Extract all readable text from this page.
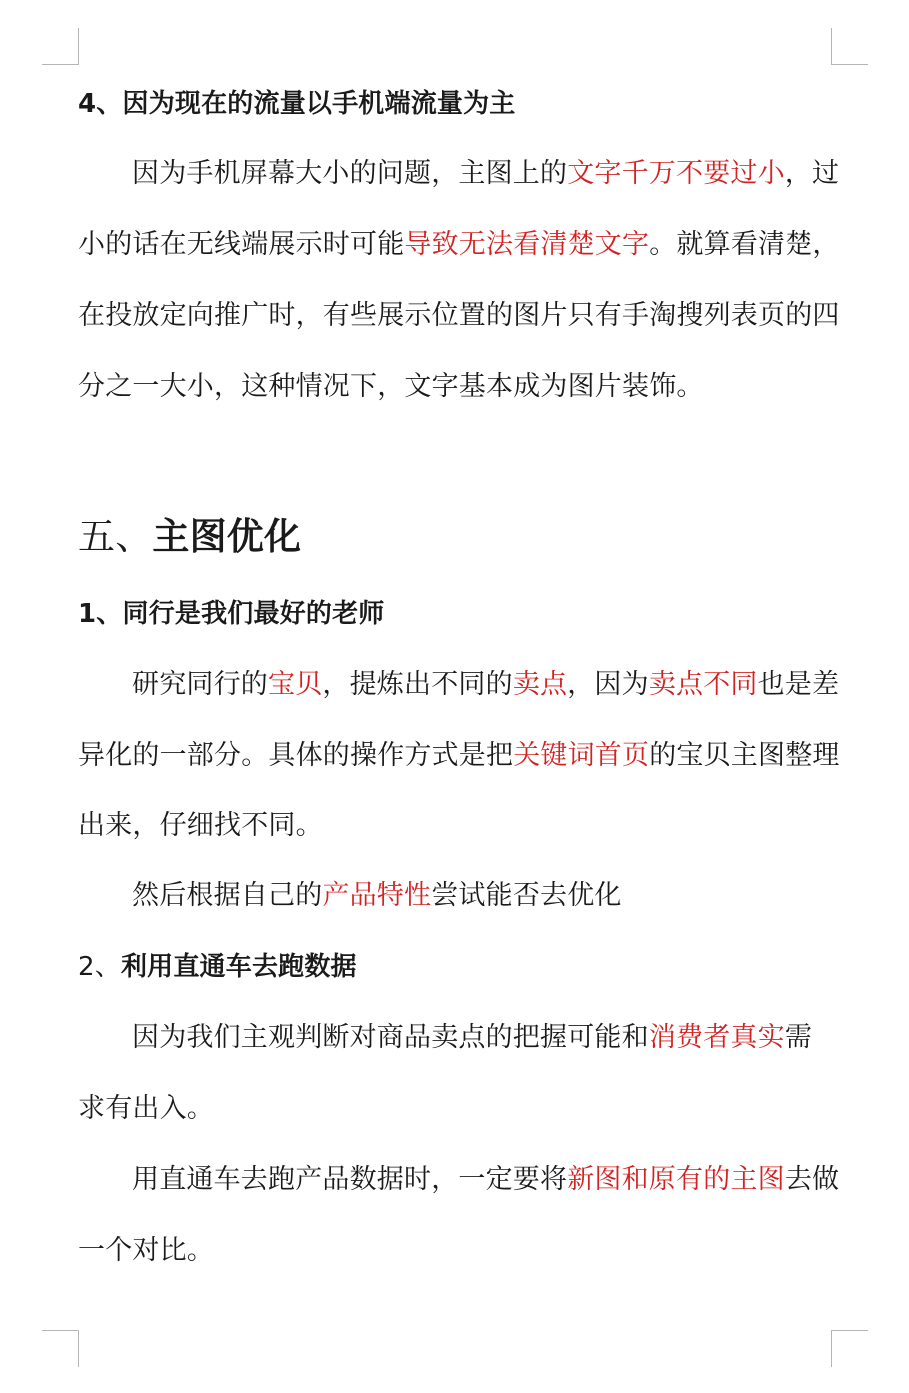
4、因为现在的流量以手机端流量为主
因为手机屏幕大小的问题，主图上的文字千万不要过小，过
小的话在无线端展示时可能导致无法看清楚文字。就算看清楚，
在投放定向推广时，有些展示位置的图片只有手淘搜列表页的四
分之一大小，这种情况下，文字基本成为图片装饰。
五、主图优化
1、同行是我们最好的老师
研究同行的宝贝，提炼出不同的卖点，因为卖点不同也是差
异化的一部分。具体的操作方式是把关键词首页的宝贝主图整理
出来，仔细找不同。
然后根据自己的产品特性尝试能否去优化
2、利用直通车去跑数据
因为我们主观判断对商品卖点的把握可能和消费者真实需
求有出入。
用直通车去跑产品数据时，一定要将新图和原有的主图去做
一个对比。
